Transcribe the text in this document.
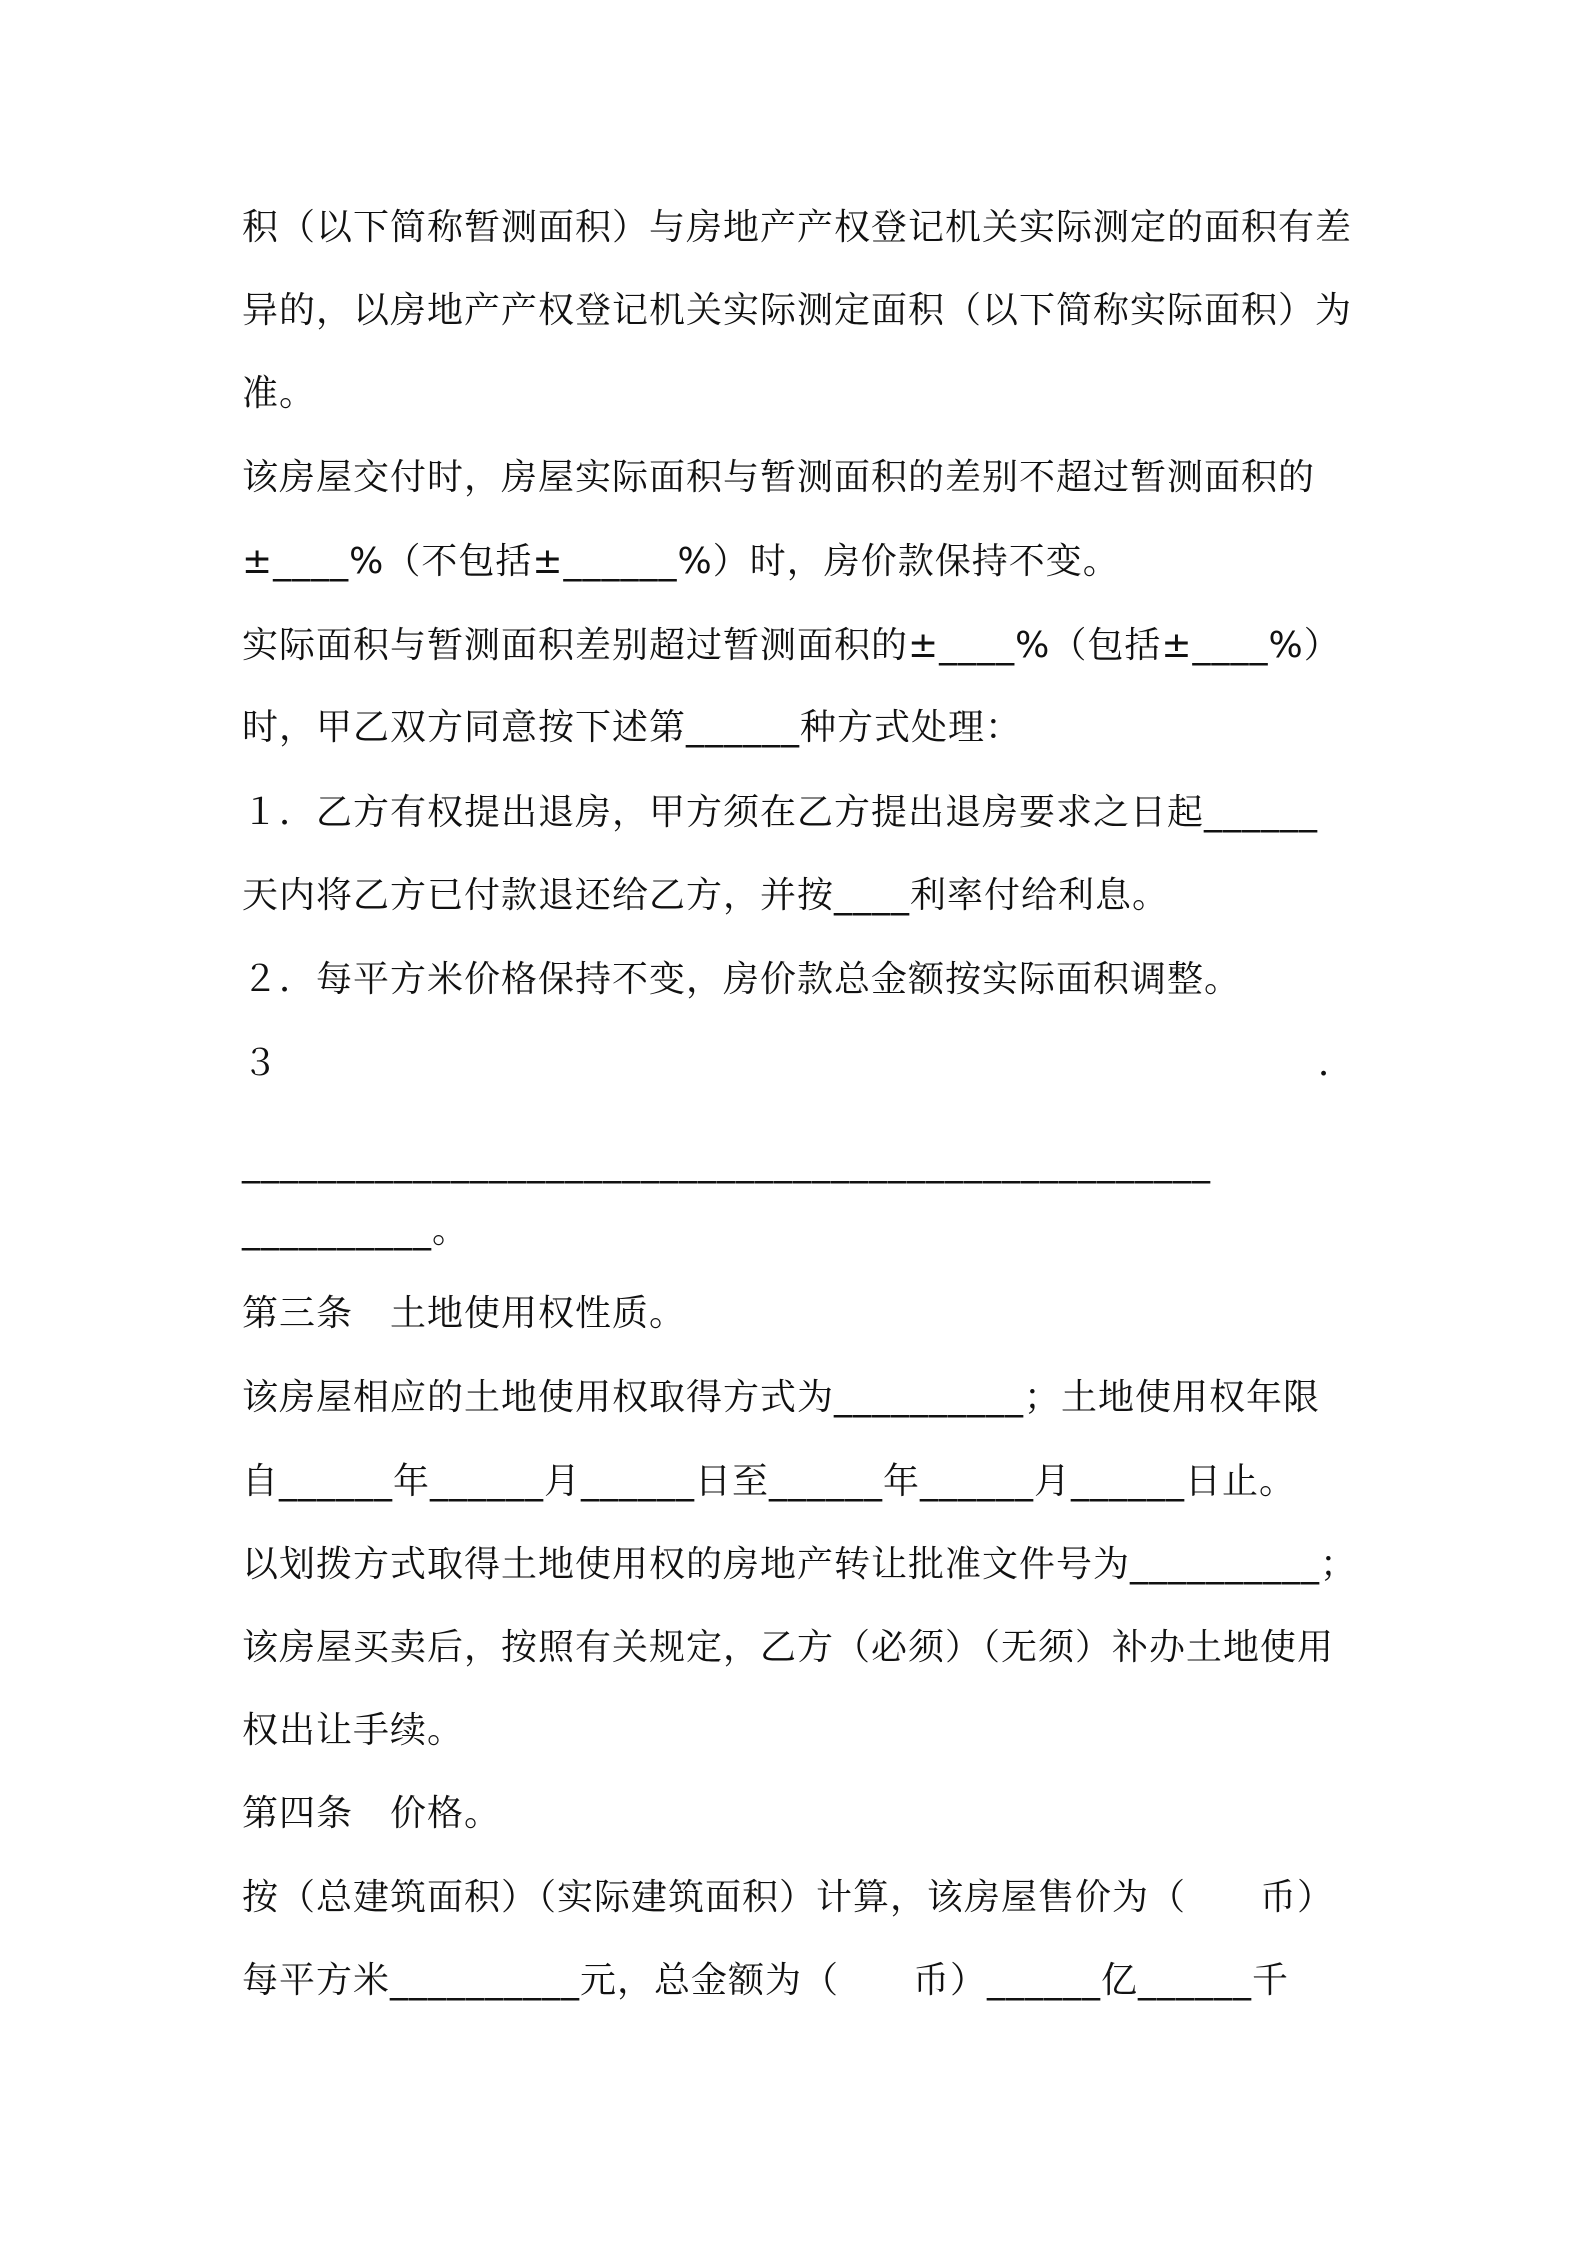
积（以下简称暂测面积）与房地产产权登记机关实际测定的面积有差
异的，以房地产产权登记机关实际测定面积（以下简称实际面积）为
准。
该房屋交付时，房屋实际面积与暂测面积的差别不超过暂测面积的
±____%（不包括±______%）时，房价款保持不变。
实际面积与暂测面积差别超过暂测面积的±____%（包括±____%）
时，甲乙双方同意按下述第______种方式处理：
１．乙方有权提出退房，甲方须在乙方提出退房要求之日起______
天内将乙方已付款退还给乙方，并按____利率付给利息。
２．每平方米价格保持不变，房价款总金额按实际面积调整。
３	．
___________________________________________________
__________。
第三条　土地使用权性质。
该房屋相应的土地使用权取得方式为__________；土地使用权年限
自______年______月______日至______年______月______日止。
以划拨方式取得土地使用权的房地产转让批准文件号为__________；
该房屋买卖后，按照有关规定，乙方（必须）（无须）补办土地使用
权出让手续。
第四条　价格。
按（总建筑面积）（实际建筑面积）计算，该房屋售价为（　　币）
每平方米__________元，总金额为（　　币）______亿______千
